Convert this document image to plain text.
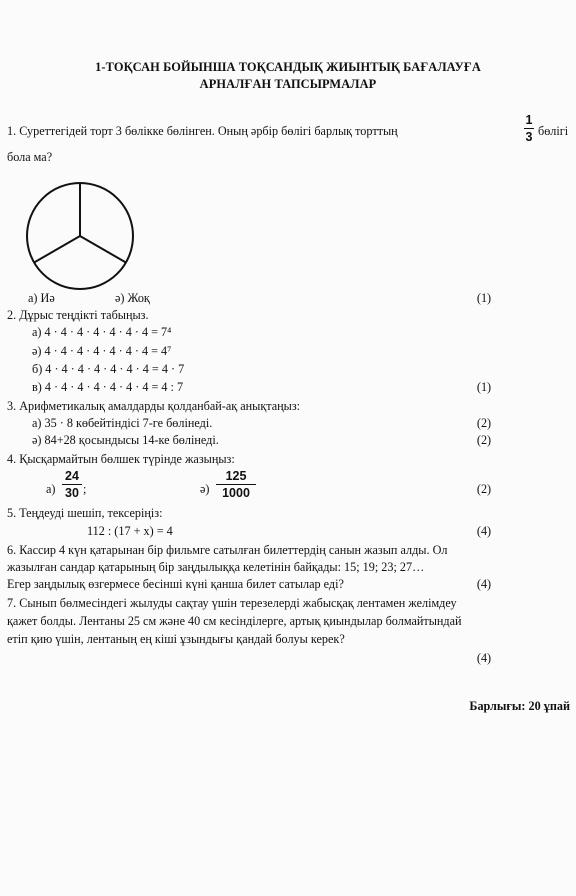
1-ТОҚСАН БОЙЫНША ТОҚСАНДЫҚ ЖИЫНТЫҚ БАҒАЛАУҒА
АРНАЛҒАН ТАПСЫРМАЛАР
1. Суреттегідей торт 3 бөлікке бөлінген. Оның әрбір бөлігі барлық торттың
1
3 бөлігі
бола ма?
а) Иә	ә) Жоқ	(1)
2. Дұрыс теңдікті табыңыз.
а) 4 · 4 · 4 · 4 · 4 · 4 · 4 = 7⁴
ә) 4 · 4 · 4 · 4 · 4 · 4 · 4 = 4⁷
б) 4 · 4 · 4 · 4 · 4 · 4 · 4 = 4 · 7
в) 4 · 4 · 4 · 4 · 4 · 4 · 4 = 4 : 7	(1)
3. Арифметикалық амалдарды қолданбай-ақ анықтаңыз:
а) 35 · 8 көбейтіндісі 7-ге бөлінеді.	(2)
ә) 84+28 қосындысы 14-ке бөлінеді.	(2)
4. Қысқармайтын бөлшек түрінде жазыңыз:
а)
24
30 ;	ә)
125
1000	(2)
5. Теңдеуді шешіп, тексеріңіз:
112 : (17 + x) = 4	(4)
6. Кассир 4 күн қатарынан бір фильмге сатылған билеттердің санын жазып алды. Ол
жазылған сандар қатарының бір заңдылыққа келетінін байқады: 15; 19; 23; 27…
Егер заңдылық өзгермесе бесінші күні қанша билет сатылар еді?	(4)
7. Сынып бөлмесіндегі жылуды сақтау үшін терезелерді жабысқақ лентамен желімдеу
қажет болды. Лентаны 25 см және 40 см кесінділерге, артық қиындылар болмайтындай
етіп қию үшін, лентаның ең кіші ұзындығы қандай болуы керек?
(4)
Барлығы: 20 ұпай
